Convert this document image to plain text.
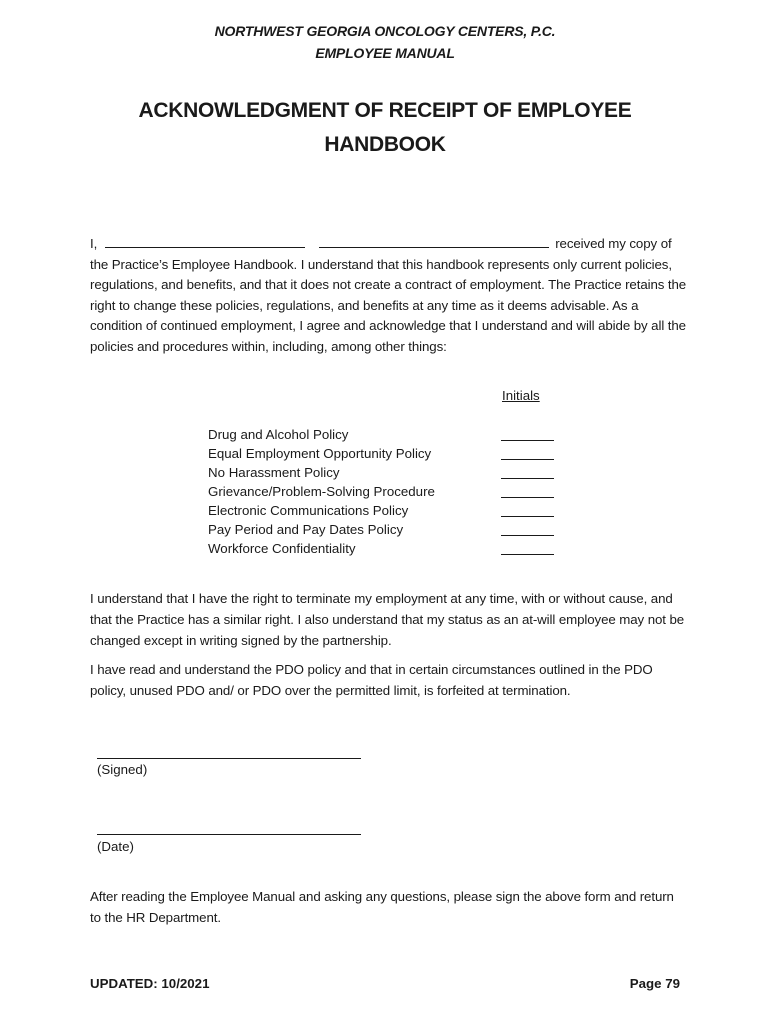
NORTHWEST GEORGIA ONCOLOGY CENTERS, P.C.
EMPLOYEE MANUAL
ACKNOWLEDGMENT OF RECEIPT OF EMPLOYEE
HANDBOOK
I,	received my copy of the Practice’s Employee Handbook. I understand that this handbook represents only current policies, regulations, and benefits, and that it does not create a contract of employment. The Practice retains the right to change these policies, regulations, and benefits at any time as it deems advisable. As a condition of continued employment, I agree and acknowledge that I understand and will abide by all the policies and procedures within, including, among other things:
Initials
Drug and Alcohol Policy
Equal Employment Opportunity Policy
No Harassment Policy
Grievance/Problem-Solving Procedure
Electronic Communications Policy
Pay Period and Pay Dates Policy
Workforce Confidentiality
I understand that I have the right to terminate my employment at any time, with or without cause, and that the Practice has a similar right. I also understand that my status as an at-will employee may not be changed except in writing signed by the partnership.
I have read and understand the PDO policy and that in certain circumstances outlined in the PDO policy, unused PDO and/ or PDO over the permitted limit, is forfeited at termination.
(Signed)
(Date)
After reading the Employee Manual and asking any questions, please sign the above form and return to the HR Department.
UPDATED: 10/2021	Page 79
